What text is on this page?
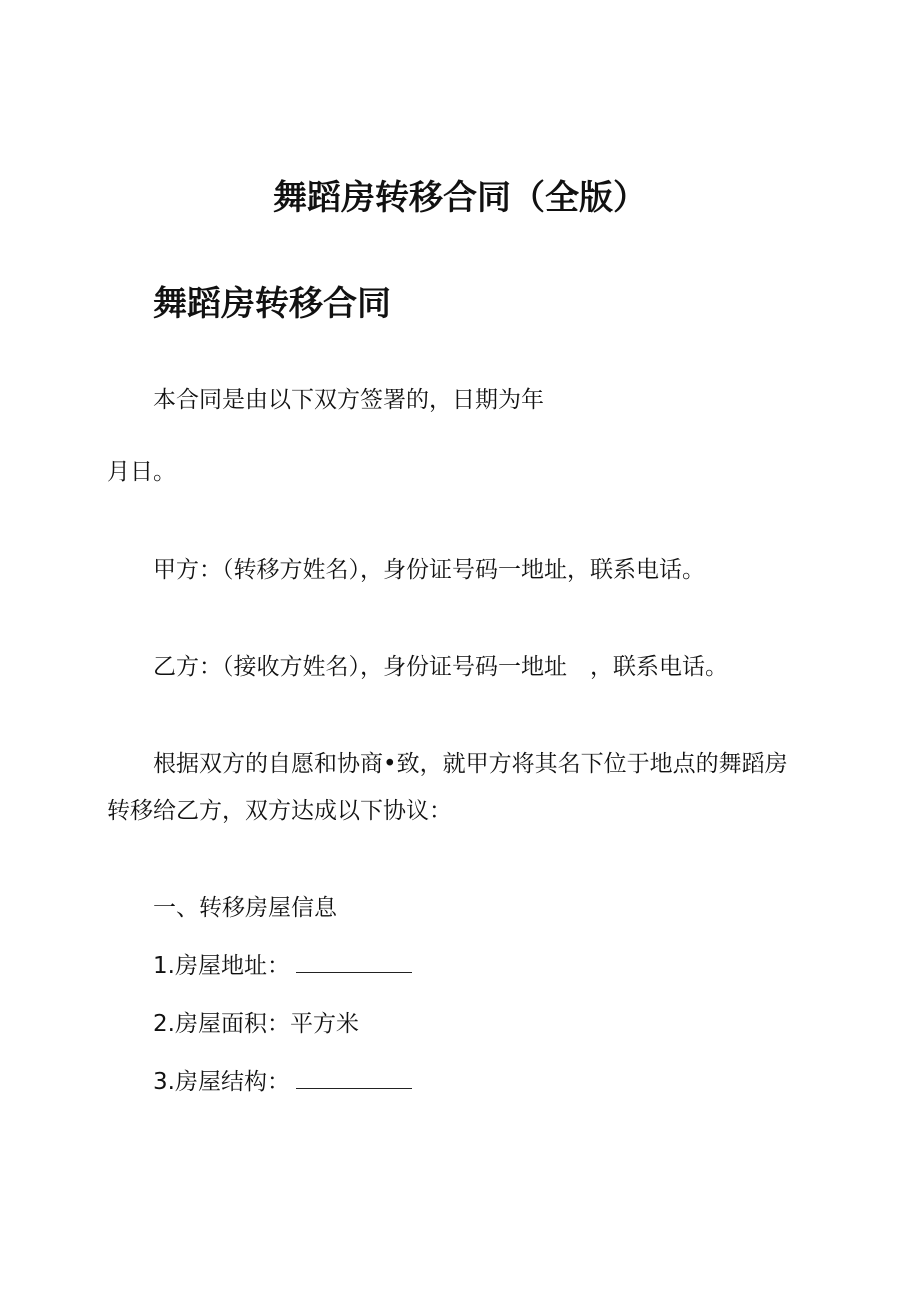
舞蹈房转移合同（全版）
舞蹈房转移合同
本合同是由以下双方签署的，日期为年
月日。
甲方：（转移方姓名），身份证号码一地址，联系电话。
乙方：（接收方姓名），身份证号码一地址　，联系电话。
根据双方的自愿和协商•致，就甲方将其名下位于地点的舞蹈房
转移给乙方，双方达成以下协议：
一、转移房屋信息
1.房屋地址：
2.房屋面积：平方米
3.房屋结构：
